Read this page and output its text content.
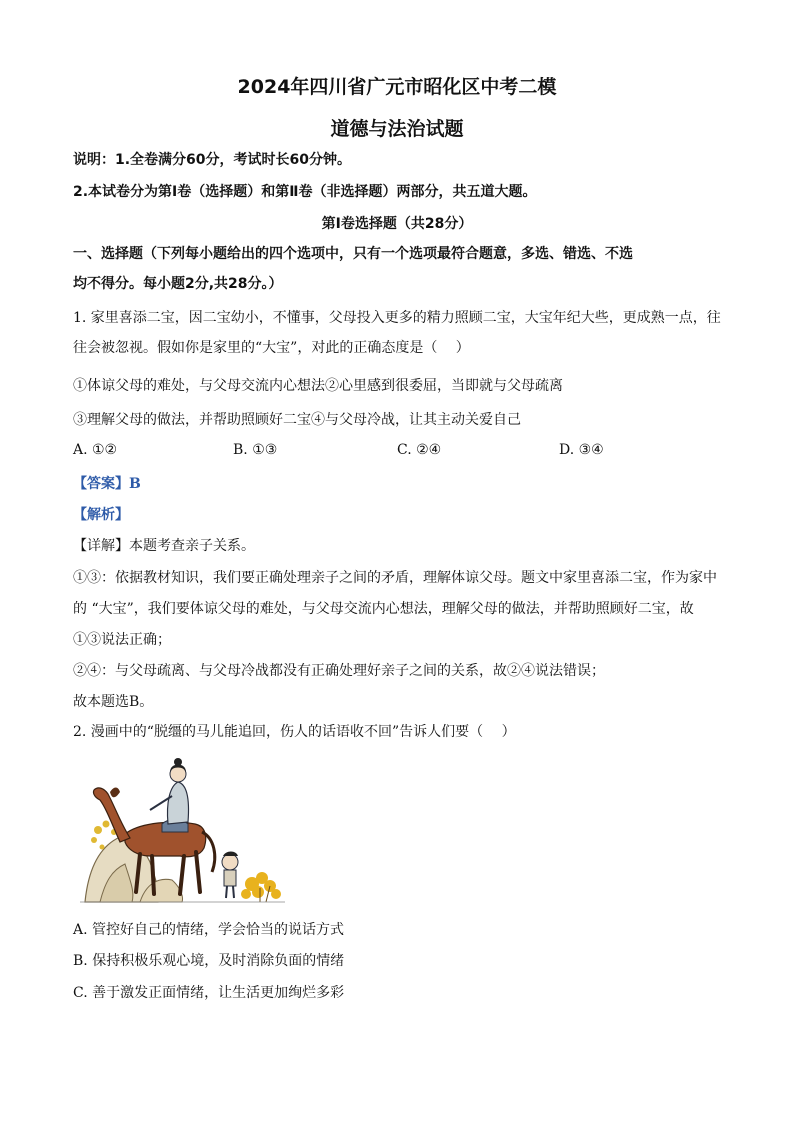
2024年四川省广元市昭化区中考二模
道德与法治试题
说明：1.全卷满分60分，考试时长60分钟。
2.本试卷分为第Ⅰ卷（选择题）和第Ⅱ卷（非选择题）两部分，共五道大题。
第Ⅰ卷选择题（共28分）
一、选择题（下列每小题给出的四个选项中，只有一个选项最符合题意，多选、错选、不选
均不得分。每小题2分,共28分。）
1. 家里喜添二宝，因二宝幼小，不懂事，父母投入更多的精力照顾二宝，大宝年纪大些，更成熟一点，往
往会被忽视。假如你是家里的“大宝”，对此的正确态度是（　 ）
①体谅父母的难处，与父母交流内心想法②心里感到很委屈，当即就与父母疏离
③理解父母的做法，并帮助照顾好二宝④与父母冷战，让其主动关爱自己
A. ①②	B. ①③	C. ②④	D. ③④
【答案】B
【解析】
【详解】本题考查亲子关系。
①③：依据教材知识，我们要正确处理亲子之间的矛盾，理解体谅父母。题文中家里喜添二宝，作为家中
的 “大宝”，我们要体谅父母的难处，与父母交流内心想法，理解父母的做法，并帮助照顾好二宝，故
①③说法正确；
②④：与父母疏离、与父母冷战都没有正确处理好亲子之间的关系，故②④说法错误；
故本题选B。
2. 漫画中的“脱缰的马儿能追回，伤人的话语收不回”告诉人们要（　 ）
A. 管控好自己的情绪，学会恰当的说话方式
B. 保持积极乐观心境，及时消除负面的情绪
C. 善于激发正面情绪，让生活更加绚烂多彩
